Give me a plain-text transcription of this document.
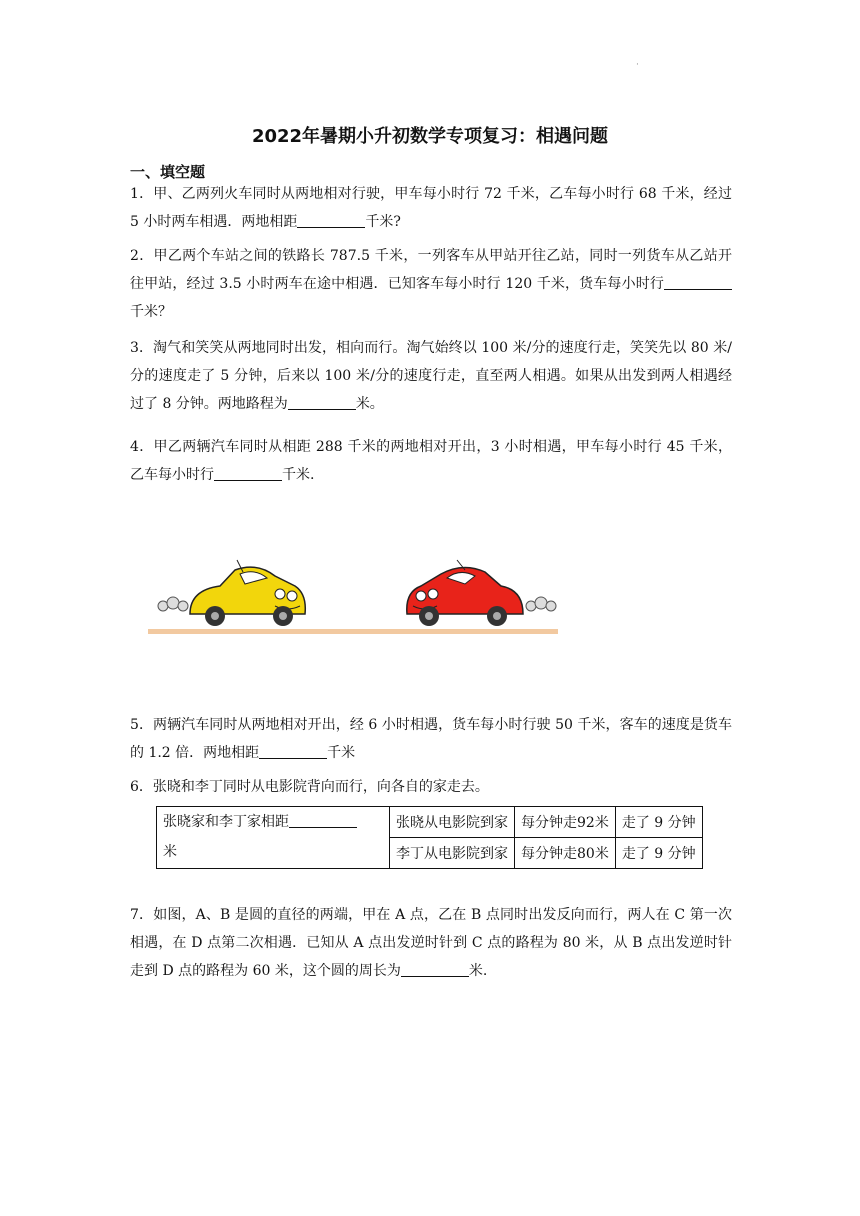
·
2022年暑期小升初数学专项复习：相遇问题
一、填空题
1．甲、乙两列火车同时从两地相对行驶，甲车每小时行 72 千米，乙车每小时行 68 千米，经过 5 小时两车相遇．两地相距	千米?
2．甲乙两个车站之间的铁路长 787.5 千米，一列客车从甲站开往乙站，同时一列货车从乙站开往甲站，经过 3.5 小时两车在途中相遇．已知客车每小时行 120 千米，货车每小时行千米？
3．淘气和笑笑从两地同时出发，相向而行。淘气始终以 100 米/分的速度行走，笑笑先以 80 米/分的速度走了 5 分钟，后来以 100 米/分的速度行走，直至两人相遇。如果从出发到两人相遇经过了 8 分钟。两地路程为	米。
4．甲乙两辆汽车同时从相距 288 千米的两地相对开出，3 小时相遇，甲车每小时行 45 千米，乙车每小时行	千米.
5．两辆汽车同时从两地相对开出，经 6 小时相遇，货车每小时行驶 50 千米，客车的速度是货车的 1.2 倍．两地相距	千米
6．张晓和李丁同时从电影院背向而行，向各自的家走去。
张晓家和李丁家相距
米	张晓从电影院到家	每分钟走92米	走了 9 分钟
	李丁从电影院到家	每分钟走80米	走了 9 分钟
7．如图，A、B 是圆的直径的两端，甲在 A 点，乙在 B 点同时出发反向而行，两人在 C 第一次相遇，在 D 点第二次相遇．已知从 A 点出发逆时针到 C 点的路程为 80 米，从 B 点出发逆时针走到 D 点的路程为 60 米，这个圆的周长为	米.
